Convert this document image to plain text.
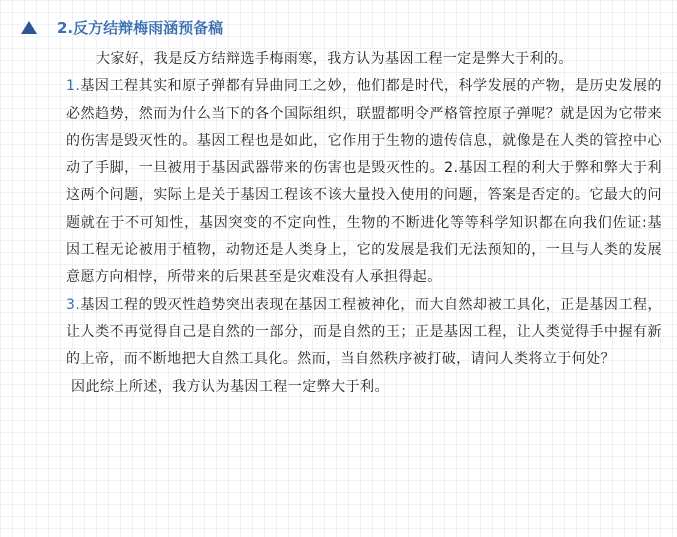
2.反方结辩梅雨涵预备稿

大家好，我是反方结辩选手梅雨寒，我方认为基因工程一定是弊大于利的。

1.基因工程其实和原子弹都有异曲同工之妙，他们都是时代，科学发展的产物，是历史发展的必然趋势，然而为什么当下的各个国际组织，联盟都明令严格管控原子弹呢？就是因为它带来的伤害是毁灭性的。基因工程也是如此，它作用于生物的遗传信息，就像是在人类的管控中心动了手脚，一旦被用于基因武器带来的伤害也是毁灭性的。2.基因工程的利大于弊和弊大于利这两个问题，实际上是关于基因工程该不该大量投入使用的问题，答案是否定的。它最大的问题就在于不可知性，基因突变的不定向性，生物的不断进化等等科学知识都在向我们佐证:基因工程无论被用于植物，动物还是人类身上，它的发展是我们无法预知的，一旦与人类的发展意愿方向相悖，所带来的后果甚至是灾难没有人承担得起。

3.基因工程的毁灭性趋势突出表现在基因工程被神化，而大自然却被工具化，正是基因工程，让人类不再觉得自己是自然的一部分，而是自然的王；正是基因工程，让人类觉得手中握有新的上帝，而不断地把大自然工具化。然而，当自然秩序被打破，请问人类将立于何处？

因此综上所述，我方认为基因工程一定弊大于利。
